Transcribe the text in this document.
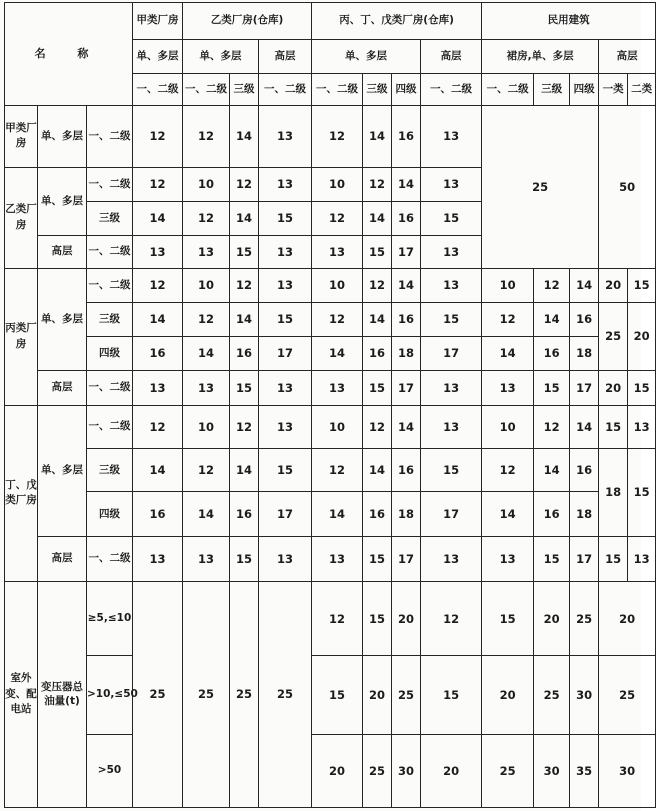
名 称			甲类厂房	乙类厂房(仓库)			丙、丁、戊类厂房(仓库)				民用建筑				
			单、多层	单、多层		高层	单、多层			高层	裙房,单、多层			高层	
			一、二级	一、二级	三级	一、二级	一、二级	三级	四级	一、二级	一、二级	三级	四级	一类	二类
甲类厂房	单、多层	一、二级	12	12	14	13	12	14	16	13	25			50	
乙类厂房	单、多层	一、二级	12	10	12	13	10	12	14	13					
		三级	14	12	14	15	12	14	16	15					
	高层	一、二级	13	13	15	13	13	15	17	13					
丙类厂房	单、多层	一、二级	12	10	12	13	10	12	14	13	10	12	14	20	15
		三级	14	12	14	15	12	14	16	15	12	14	16	25	20
		四级	16	14	16	17	14	16	18	17	14	16	18		
	高层	一、二级	13	13	15	13	13	15	17	13	13	15	17	20	15
丁、戊类厂房	单、多层	一、二级	12	10	12	13	10	12	14	13	10	12	14	15	13
		三级	14	12	14	15	12	14	16	15	12	14	16	18	15
		四级	16	14	16	17	14	16	18	17	14	16	18		
	高层	一、二级	13	13	15	13	13	15	17	13	13	15	17	15	13
室外变、配电站	变压器总油量(t)	≥5,≤10	25	25	25	25	12	15	20	12	15	20	25	20	
		>10,≤50					15	20	25	15	20	25	30	25	
		>50					20	25	30	20	25	30	35	30	
